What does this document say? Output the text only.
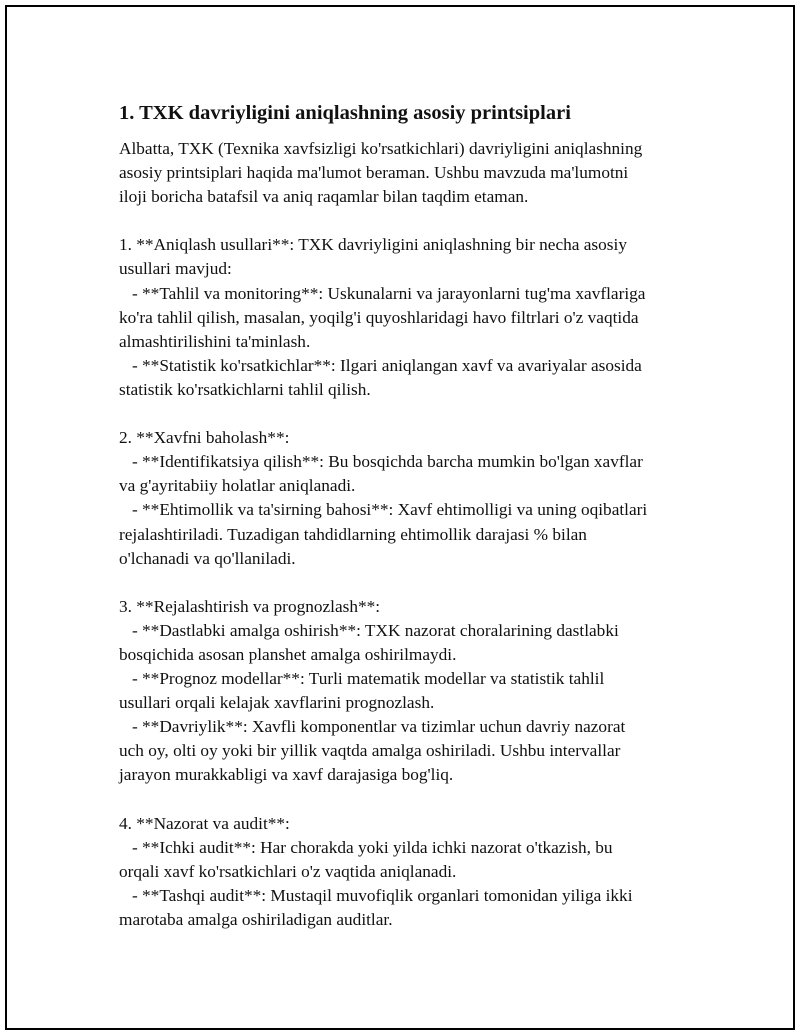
1. TXK davriyligini aniqlashning asosiy printsiplari

Albatta, TXK (Texnika xavfsizligi ko'rsatkichlari) davriyligini aniqlashning
asosiy printsiplari haqida ma'lumot beraman. Ushbu mavzuda ma'lumotni
iloji boricha batafsil va aniq raqamlar bilan taqdim etaman.

1. **Aniqlash usullari**: TXK davriyligini aniqlashning bir necha asosiy
usullari mavjud:
- **Tahlil va monitoring**: Uskunalarni va jarayonlarni tug'ma xavflariga
ko'ra tahlil qilish, masalan, yoqilg'i quyoshlaridagi havo filtrlari o'z vaqtida
almashtirilishini ta'minlash.
- **Statistik ko'rsatkichlar**: Ilgari aniqlangan xavf va avariyalar asosida
statistik ko'rsatkichlarni tahlil qilish.

2. **Xavfni baholash**:
- **Identifikatsiya qilish**: Bu bosqichda barcha mumkin bo'lgan xavflar
va g'ayritabiiy holatlar aniqlanadi.
- **Ehtimollik va ta'sirning bahosi**: Xavf ehtimolligi va uning oqibatlari
rejalashtiriladi. Tuzadigan tahdidlarning ehtimollik darajasi % bilan
o'lchanadi va qo'llaniladi.

3. **Rejalashtirish va prognozlash**:
- **Dastlabki amalga oshirish**: TXK nazorat choralarining dastlabki
bosqichida asosan planshet amalga oshirilmaydi.
- **Prognoz modellar**: Turli matematik modellar va statistik tahlil
usullari orqali kelajak xavflarini prognozlash.
- **Davriylik**: Xavfli komponentlar va tizimlar uchun davriy nazorat
uch oy, olti oy yoki bir yillik vaqtda amalga oshiriladi. Ushbu intervallar
jarayon murakkabligi va xavf darajasiga bog'liq.

4. **Nazorat va audit**:
- **Ichki audit**: Har chorakda yoki yilda ichki nazorat o'tkazish, bu
orqali xavf ko'rsatkichlari o'z vaqtida aniqlanadi.
- **Tashqi audit**: Mustaqil muvofiqlik organlari tomonidan yiliga ikki
marotaba amalga oshiriladigan auditlar.
